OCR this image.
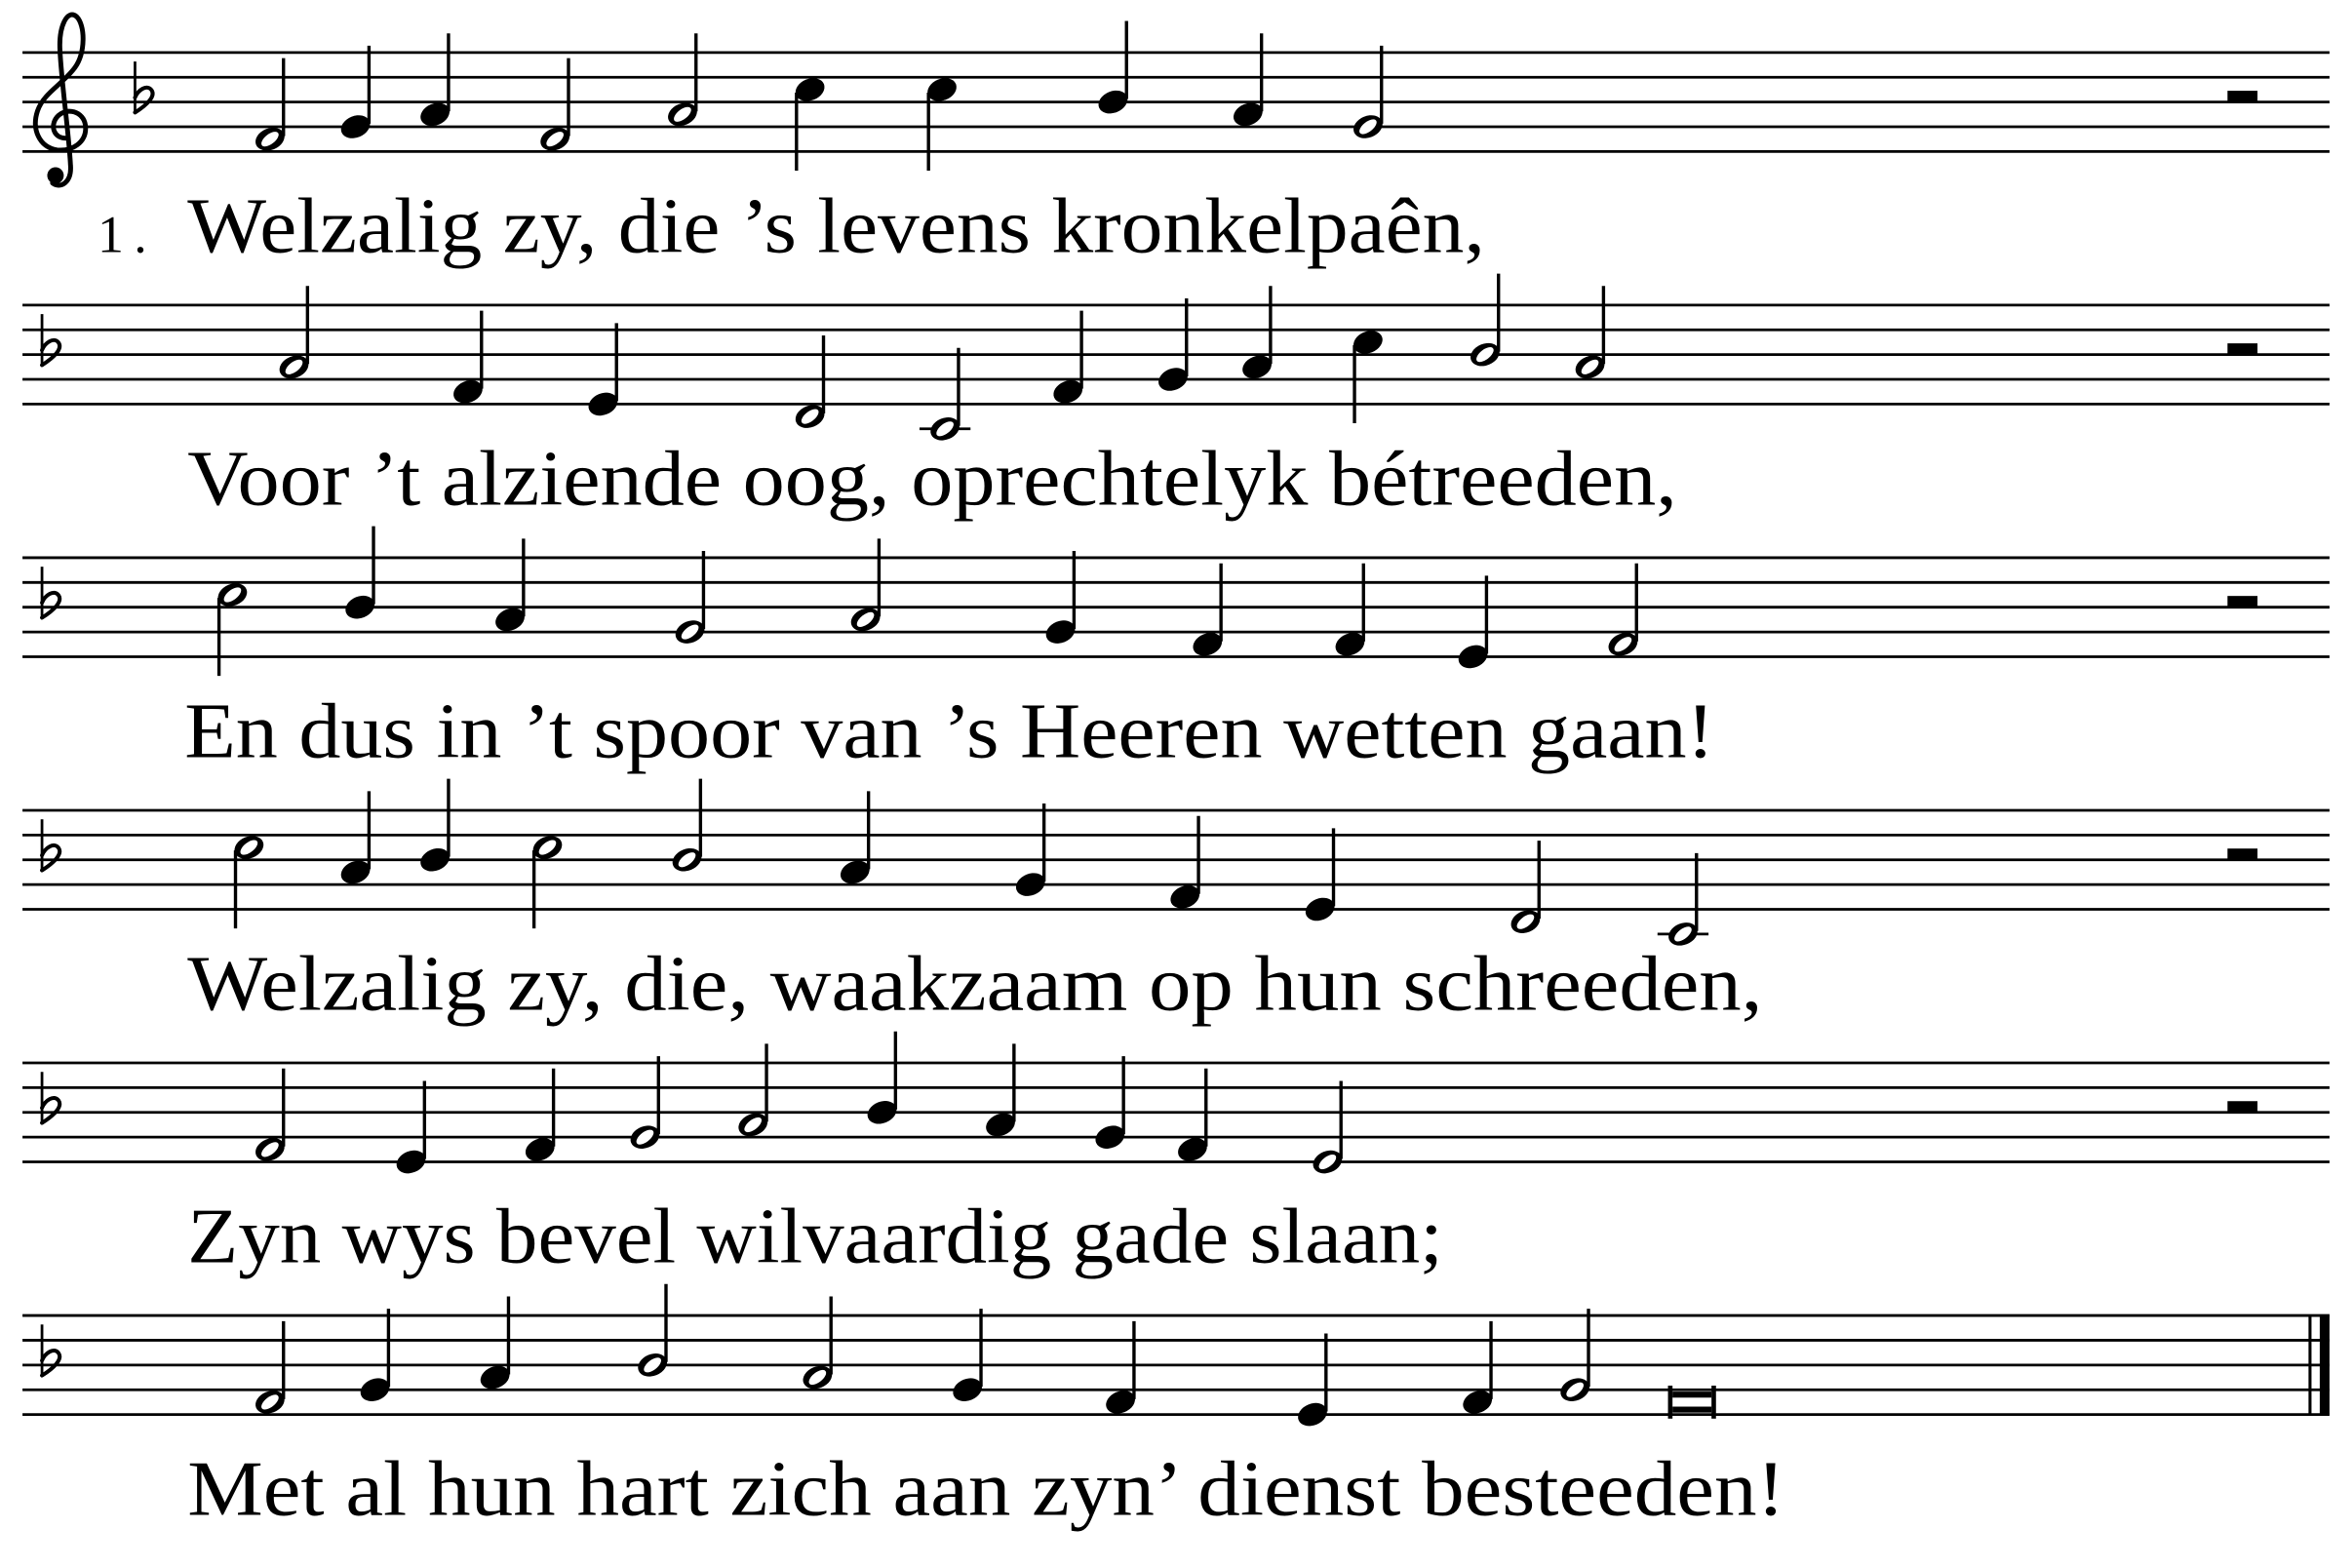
1. Welzalig zy, die ’s levens kronkelpaên,
Voor ’t alziende oog, oprechtelyk bétreeden,
En dus in ’t spoor van ’s Heeren wetten gaan!
Welzalig zy, die, waakzaam op hun schreeden,
Zyn wys bevel wilvaardig gade slaan;
Met al hun hart zich aan zyn’ dienst besteeden!
